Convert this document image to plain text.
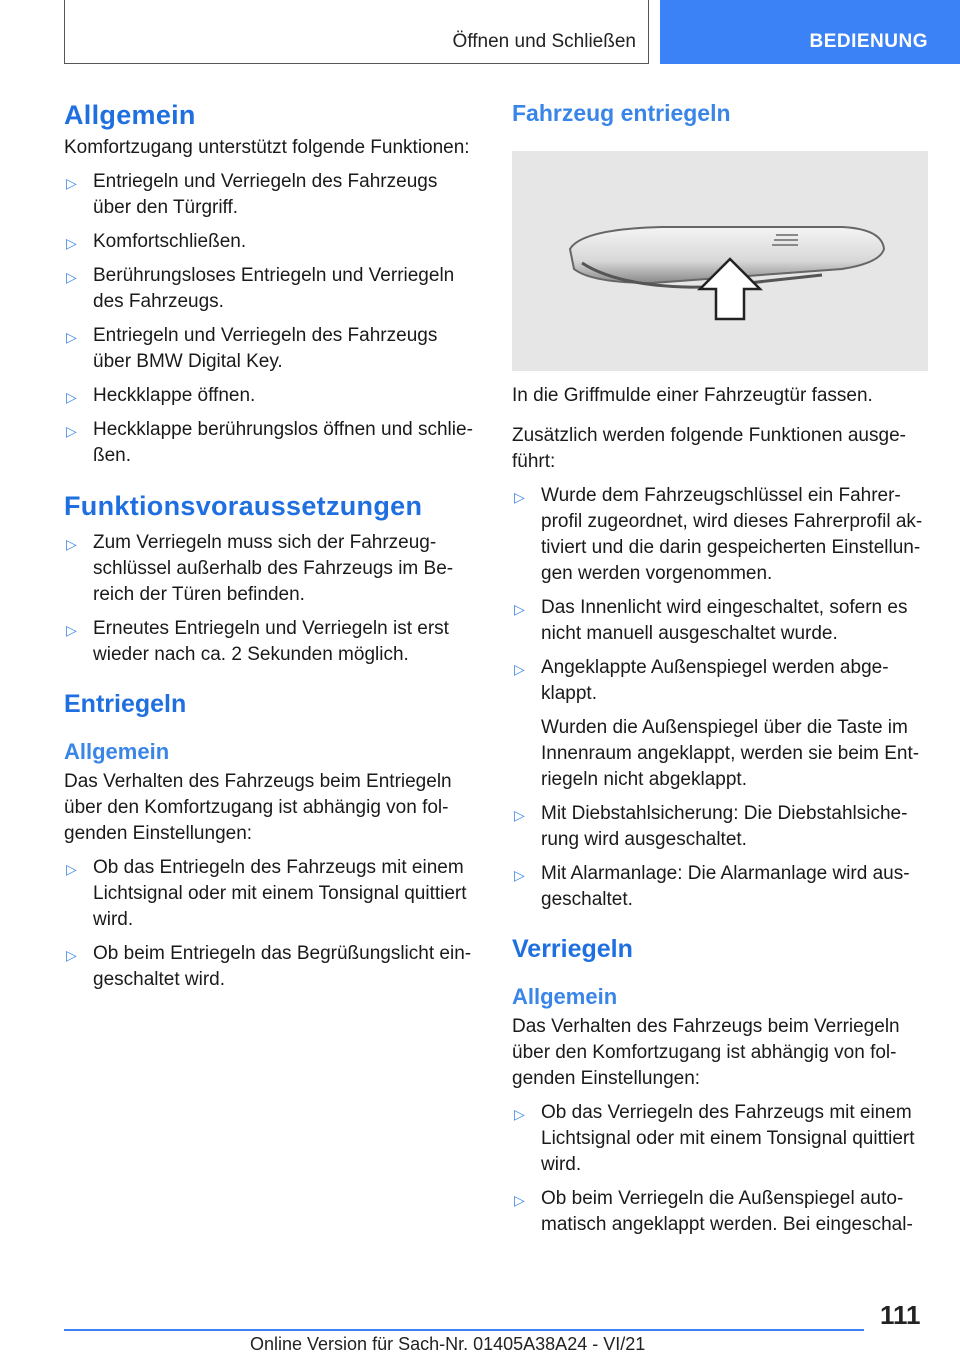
Öffnen und Schließen	BEDIENUNG
Allgemein

Komfortzugang unterstützt folgende Funktionen:

▷ Entriegeln und Verriegeln des Fahrzeugs über den Türgriff.
▷ Komfortschließen.
▷ Berührungsloses Entriegeln und Verriegeln des Fahrzeugs.
▷ Entriegeln und Verriegeln des Fahrzeugs über BMW Digital Key.
▷ Heckklappe öffnen.
▷ Heckklappe berührungslos öffnen und schließen.
Funktionsvoraussetzungen
▷ Zum Verriegeln muss sich der Fahrzeugschlüssel außerhalb des Fahrzeugs im Bereich der Türen befinden.
▷ Erneutes Entriegeln und Verriegeln ist erst wieder nach ca. 2 Sekunden möglich.
Entriegeln
Allgemein

Das Verhalten des Fahrzeugs beim Entriegeln über den Komfortzugang ist abhängig von folgenden Einstellungen:

▷ Ob das Entriegeln des Fahrzeugs mit einem Lichtsignal oder mit einem Tonsignal quittiert wird.
▷ Ob beim Entriegeln das Begrüßungslicht eingeschaltet wird.
Fahrzeug entriegeln

In die Griffmulde einer Fahrzeugtür fassen.

Zusätzlich werden folgende Funktionen ausgeführt:

▷ Wurde dem Fahrzeugschlüssel ein Fahrerprofil zugeordnet, wird dieses Fahrerprofil aktiviert und die darin gespeicherten Einstellungen werden vorgenommen.
▷ Das Innenlicht wird eingeschaltet, sofern es nicht manuell ausgeschaltet wurde.
▷ Angeklappte Außenspiegel werden abgeklappt.
Wurden die Außenspiegel über die Taste im Innenraum angeklappt, werden sie beim Entriegeln nicht abgeklappt.
▷ Mit Diebstahlsicherung: Die Diebstahlsicherung wird ausgeschaltet.
▷ Mit Alarmanlage: Die Alarmanlage wird ausgeschaltet.
Verriegeln
Allgemein

Das Verhalten des Fahrzeugs beim Verriegeln über den Komfortzugang ist abhängig von folgenden Einstellungen:

▷ Ob das Verriegeln des Fahrzeugs mit einem Lichtsignal oder mit einem Tonsignal quittiert wird.
▷ Ob beim Verriegeln die Außenspiegel automatisch angeklappt werden. Bei eingeschal-
111
Online Version für Sach-Nr. 01405A38A24 - VI/21
